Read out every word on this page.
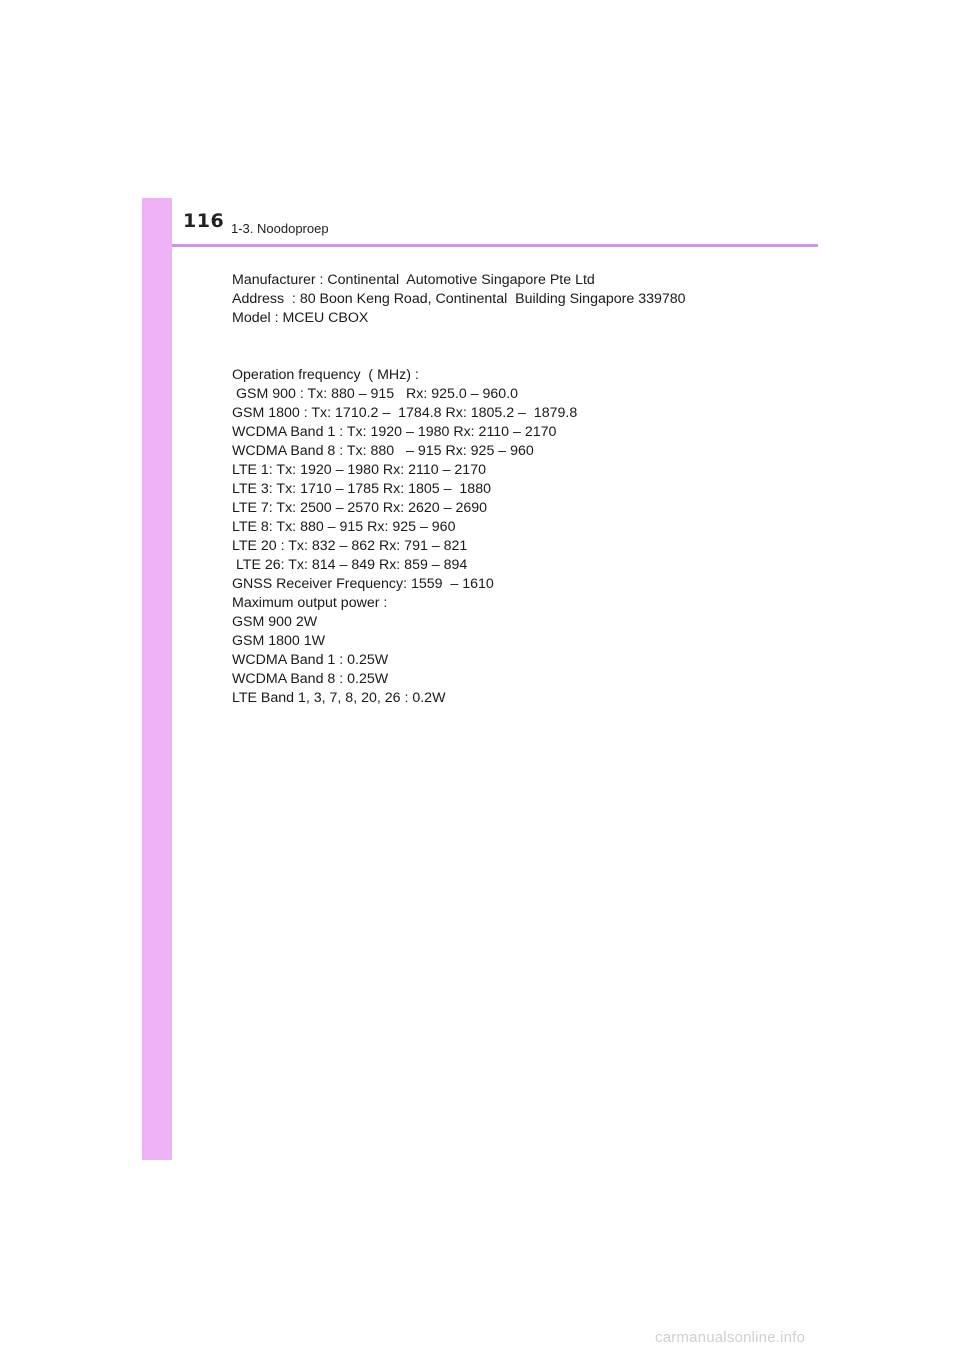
116 1-3. Noodoproep
Manufacturer : Continental  Automotive Singapore Pte Ltd
Address  : 80 Boon Keng Road, Continental  Building Singapore 339780
Model : MCEU CBOX
Operation frequency  ( MHz) :
GSM 900 : Tx: 880 – 915   Rx: 925.0 – 960.0
GSM 1800 : Tx: 1710.2 –  1784.8 Rx: 1805.2 –  1879.8
WCDMA Band 1 : Tx: 1920 – 1980 Rx: 2110 – 2170
WCDMA Band 8 : Tx: 880   – 915 Rx: 925 – 960
LTE 1: Tx: 1920 – 1980 Rx: 2110 – 2170
LTE 3: Tx: 1710 – 1785 Rx: 1805 –  1880
LTE 7: Tx: 2500 – 2570 Rx: 2620 – 2690
LTE 8: Tx: 880 – 915 Rx: 925 – 960
LTE 20 : Tx: 832 – 862 Rx: 791 – 821
LTE 26: Tx: 814 – 849 Rx: 859 – 894
GNSS Receiver Frequency: 1559  – 1610
Maximum output power :
GSM 900 2W
GSM 1800 1W
WCDMA Band 1 : 0.25W
WCDMA Band 8 : 0.25W
LTE Band 1, 3, 7, 8, 20, 26 : 0.2W
carmanualsonline.info
